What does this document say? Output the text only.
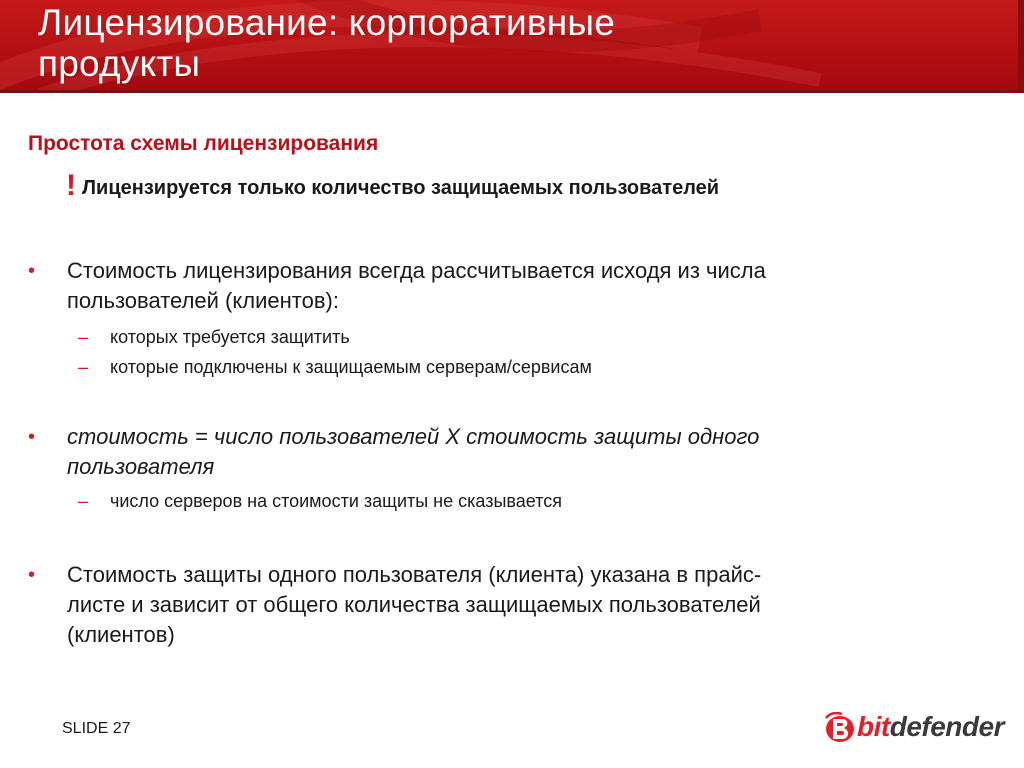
Лицензирование: корпоративные
продукты
Простота схемы лицензирования

! Лицензируется только количество защищаемых пользователей

• Стоимость лицензирования всегда рассчитывается исходя из числа
пользователей (клиентов):

– которых требуется защитить

– которые подключены к защищаемым серверам/сервисам

• стоимость = число пользователей X стоимость защиты одного
пользователя

– число серверов на стоимости защиты не сказывается

• Стоимость защиты одного пользователя (клиента) указана в прайс-
листе и зависит от общего количества защищаемых пользователей
(клиентов)

SLIDE 27	bitdefender
